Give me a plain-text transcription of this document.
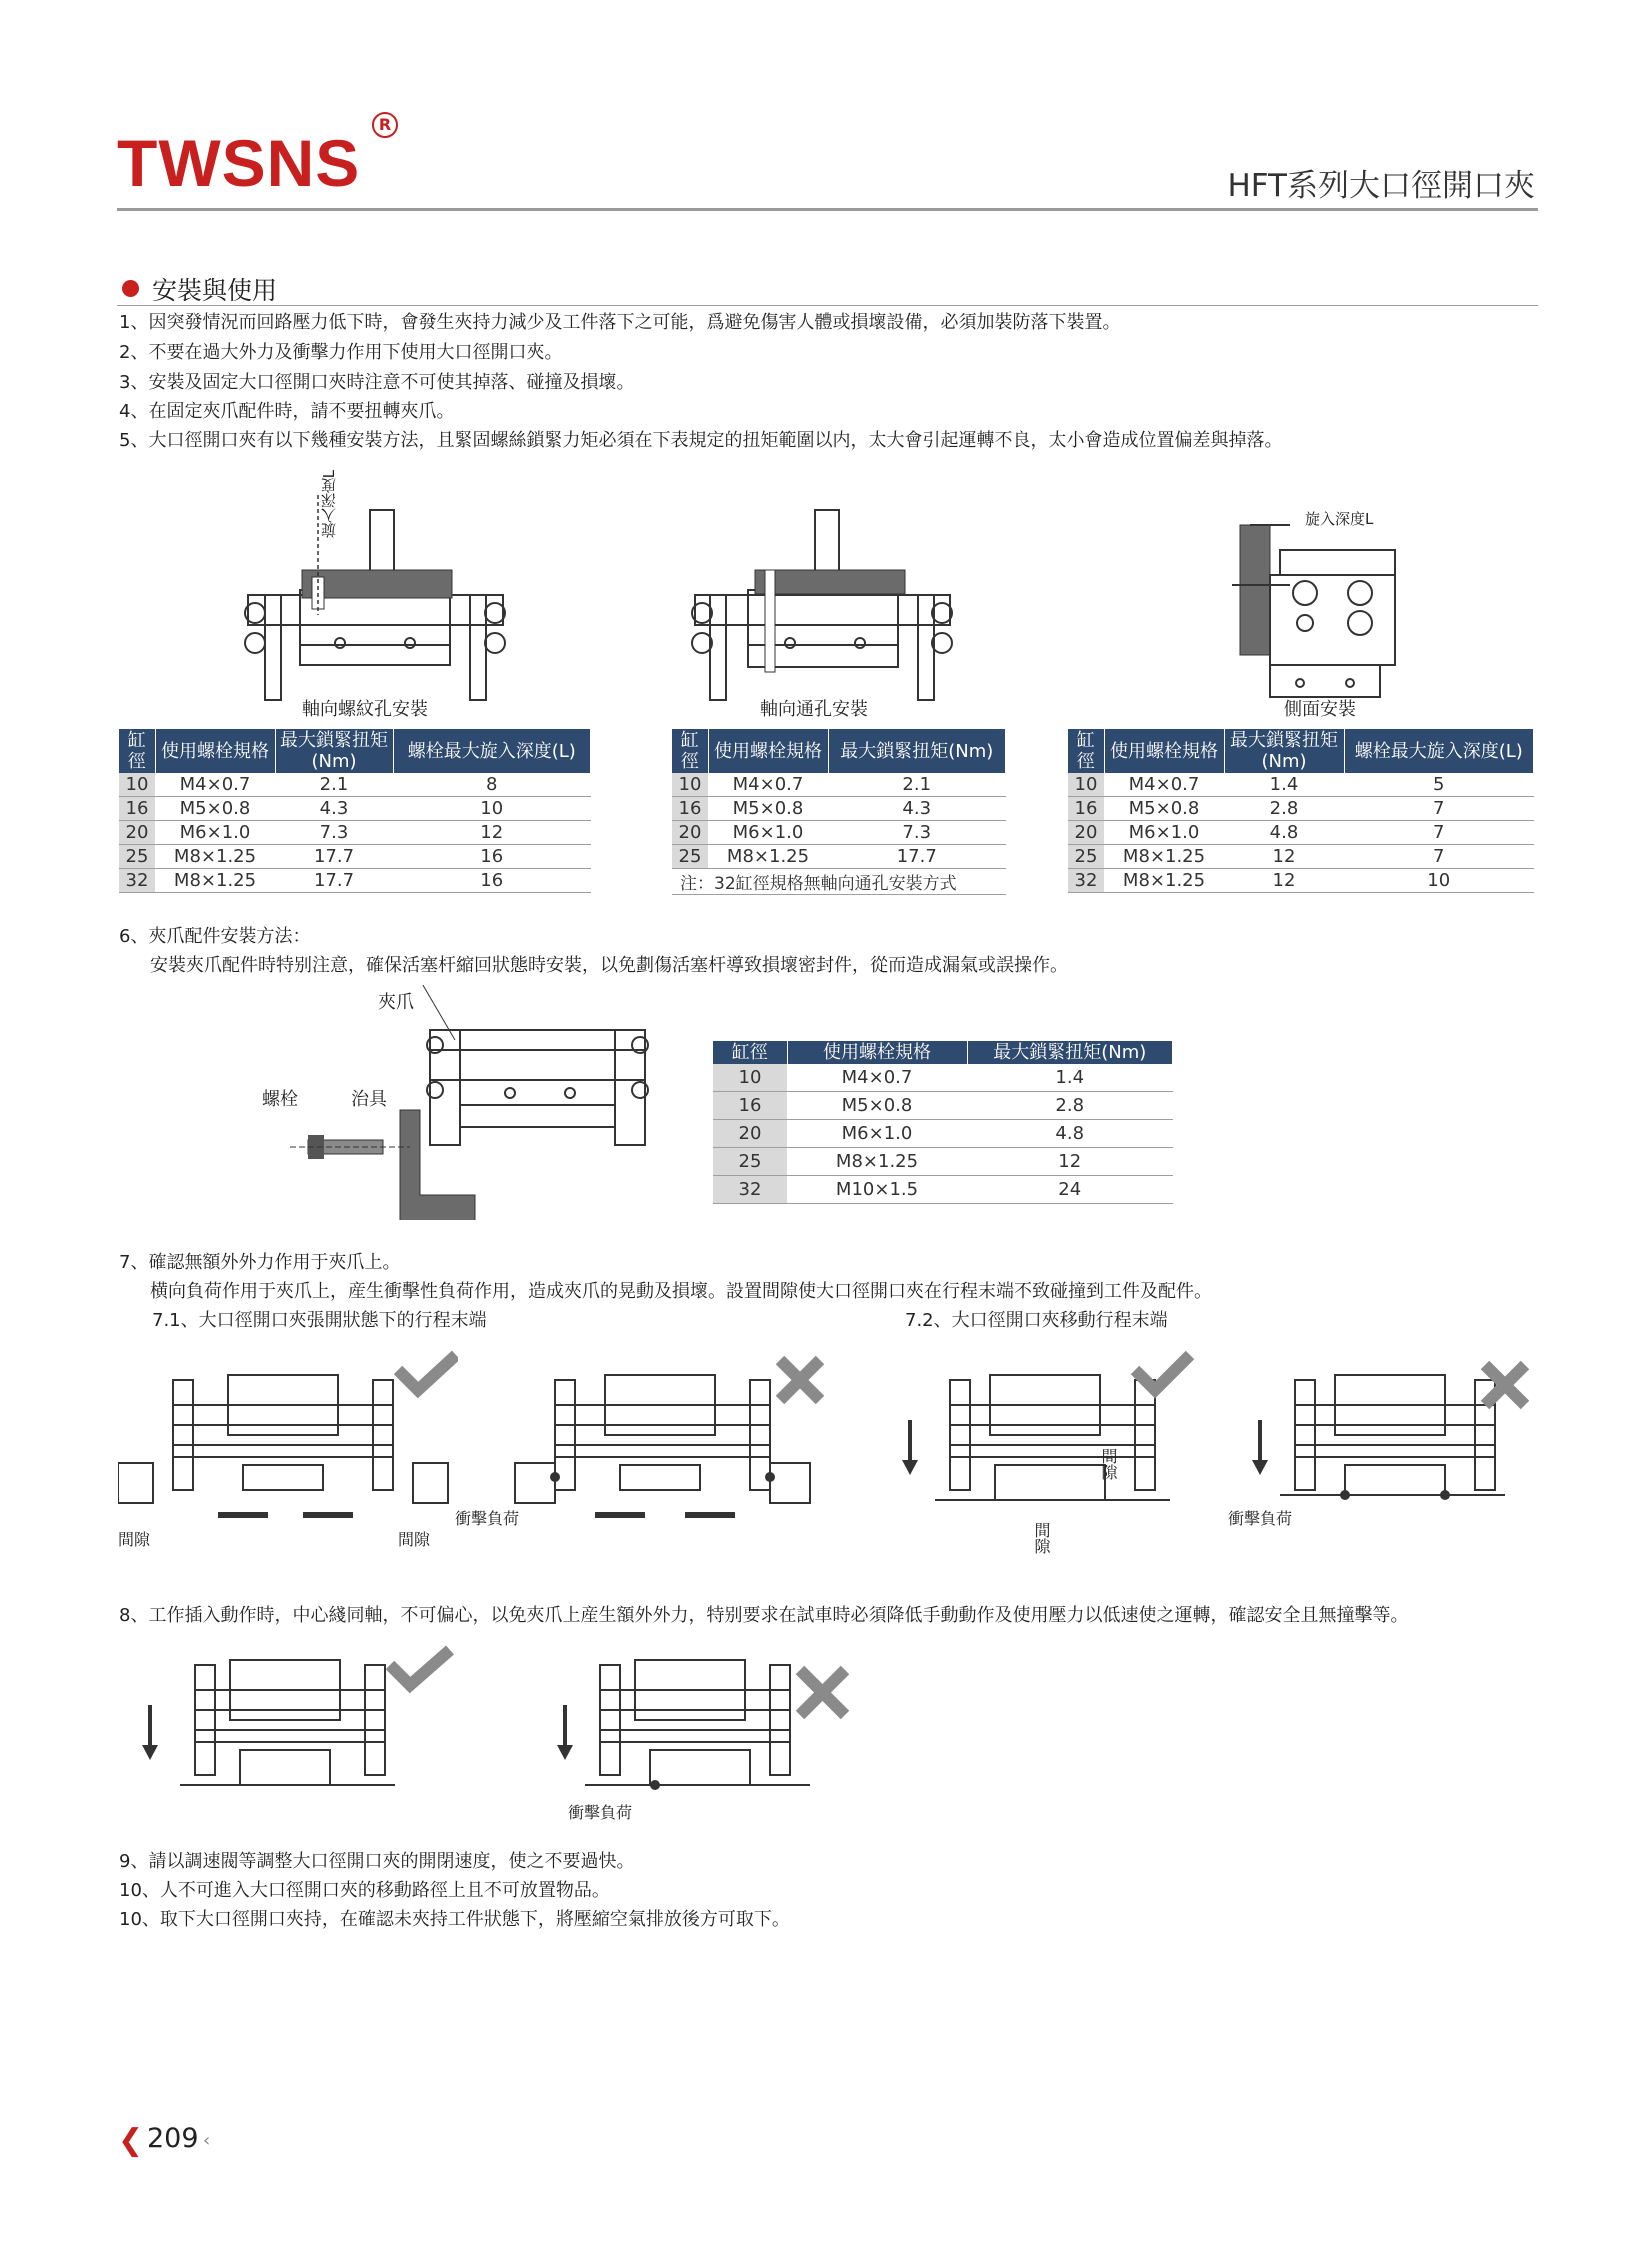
TWSNS
R
HFT系列大口徑開口夾
安裝與使用
1、因突發情況而回路壓力低下時，會發生夾持力減少及工件落下之可能，爲避免傷害人體或損壞設備，必須加裝防落下裝置。
2、不要在過大外力及衝擊力作用下使用大口徑開口夾。
3、安裝及固定大口徑開口夾時注意不可使其掉落、碰撞及損壞。
4、在固定夾爪配件時，請不要扭轉夾爪。
5、大口徑開口夾有以下幾種安裝方法，且緊固螺絲鎖緊力矩必須在下表規定的扭矩範圍以内，太大會引起運轉不良，太小會造成位置偏差與掉落。
軸向螺紋孔安裝
旋入深度L
軸向通孔安裝
旋入深度L
側面安裝
缸徑	使用螺栓規格	最大鎖緊扭矩(Nm)	螺栓最大旋入深度(L)
10	M4×0.7	2.1	8
16	M5×0.8	4.3	10
20	M6×1.0	7.3	12
25	M8×1.25	17.7	16
32	M8×1.25	17.7	16
缸徑	使用螺栓規格	最大鎖緊扭矩(Nm)
10	M4×0.7	2.1
16	M5×0.8	4.3
20	M6×1.0	7.3
25	M8×1.25	17.7
注：32缸徑規格無軸向通孔安裝方式		
缸徑	使用螺栓規格	最大鎖緊扭矩(Nm)	螺栓最大旋入深度(L)
10	M4×0.7	1.4	5
16	M5×0.8	2.8	7
20	M6×1.0	4.8	7
25	M8×1.25	12	7
32	M8×1.25	12	10
6、夾爪配件安裝方法：
安裝夾爪配件時特别注意，確保活塞杆縮回狀態時安裝，以免劃傷活塞杆導致損壞密封件，從而造成漏氣或誤操作。
夾爪
螺栓	治具
缸徑	使用螺栓規格	最大鎖緊扭矩(Nm)
10	M4×0.7	1.4
16	M5×0.8	2.8
20	M6×1.0	4.8
25	M8×1.25	12
32	M10×1.5	24
7、確認無額外外力作用于夾爪上。
横向負荷作用于夾爪上，産生衝擊性負荷作用，造成夾爪的晃動及損壞。設置間隙使大口徑開口夾在行程末端不致碰撞到工件及配件。
7.1、大口徑開口夾張開狀態下的行程末端	7.2、大口徑開口夾移動行程末端
間隙	間隙
衝擊負荷
間隙
間隙
衝擊負荷
8、工作插入動作時，中心綫同軸，不可偏心，以免夾爪上産生額外外力，特别要求在試車時必須降低手動動作及使用壓力以低速使之運轉，確認安全且無撞擊等。
衝擊負荷
9、請以調速閥等調整大口徑開口夾的開閉速度，使之不要過快。
10、人不可進入大口徑開口夾的移動路徑上且不可放置物品。
10、取下大口徑開口夾持，在確認未夾持工件狀態下，將壓縮空氣排放後方可取下。
❮ 209 ‹
